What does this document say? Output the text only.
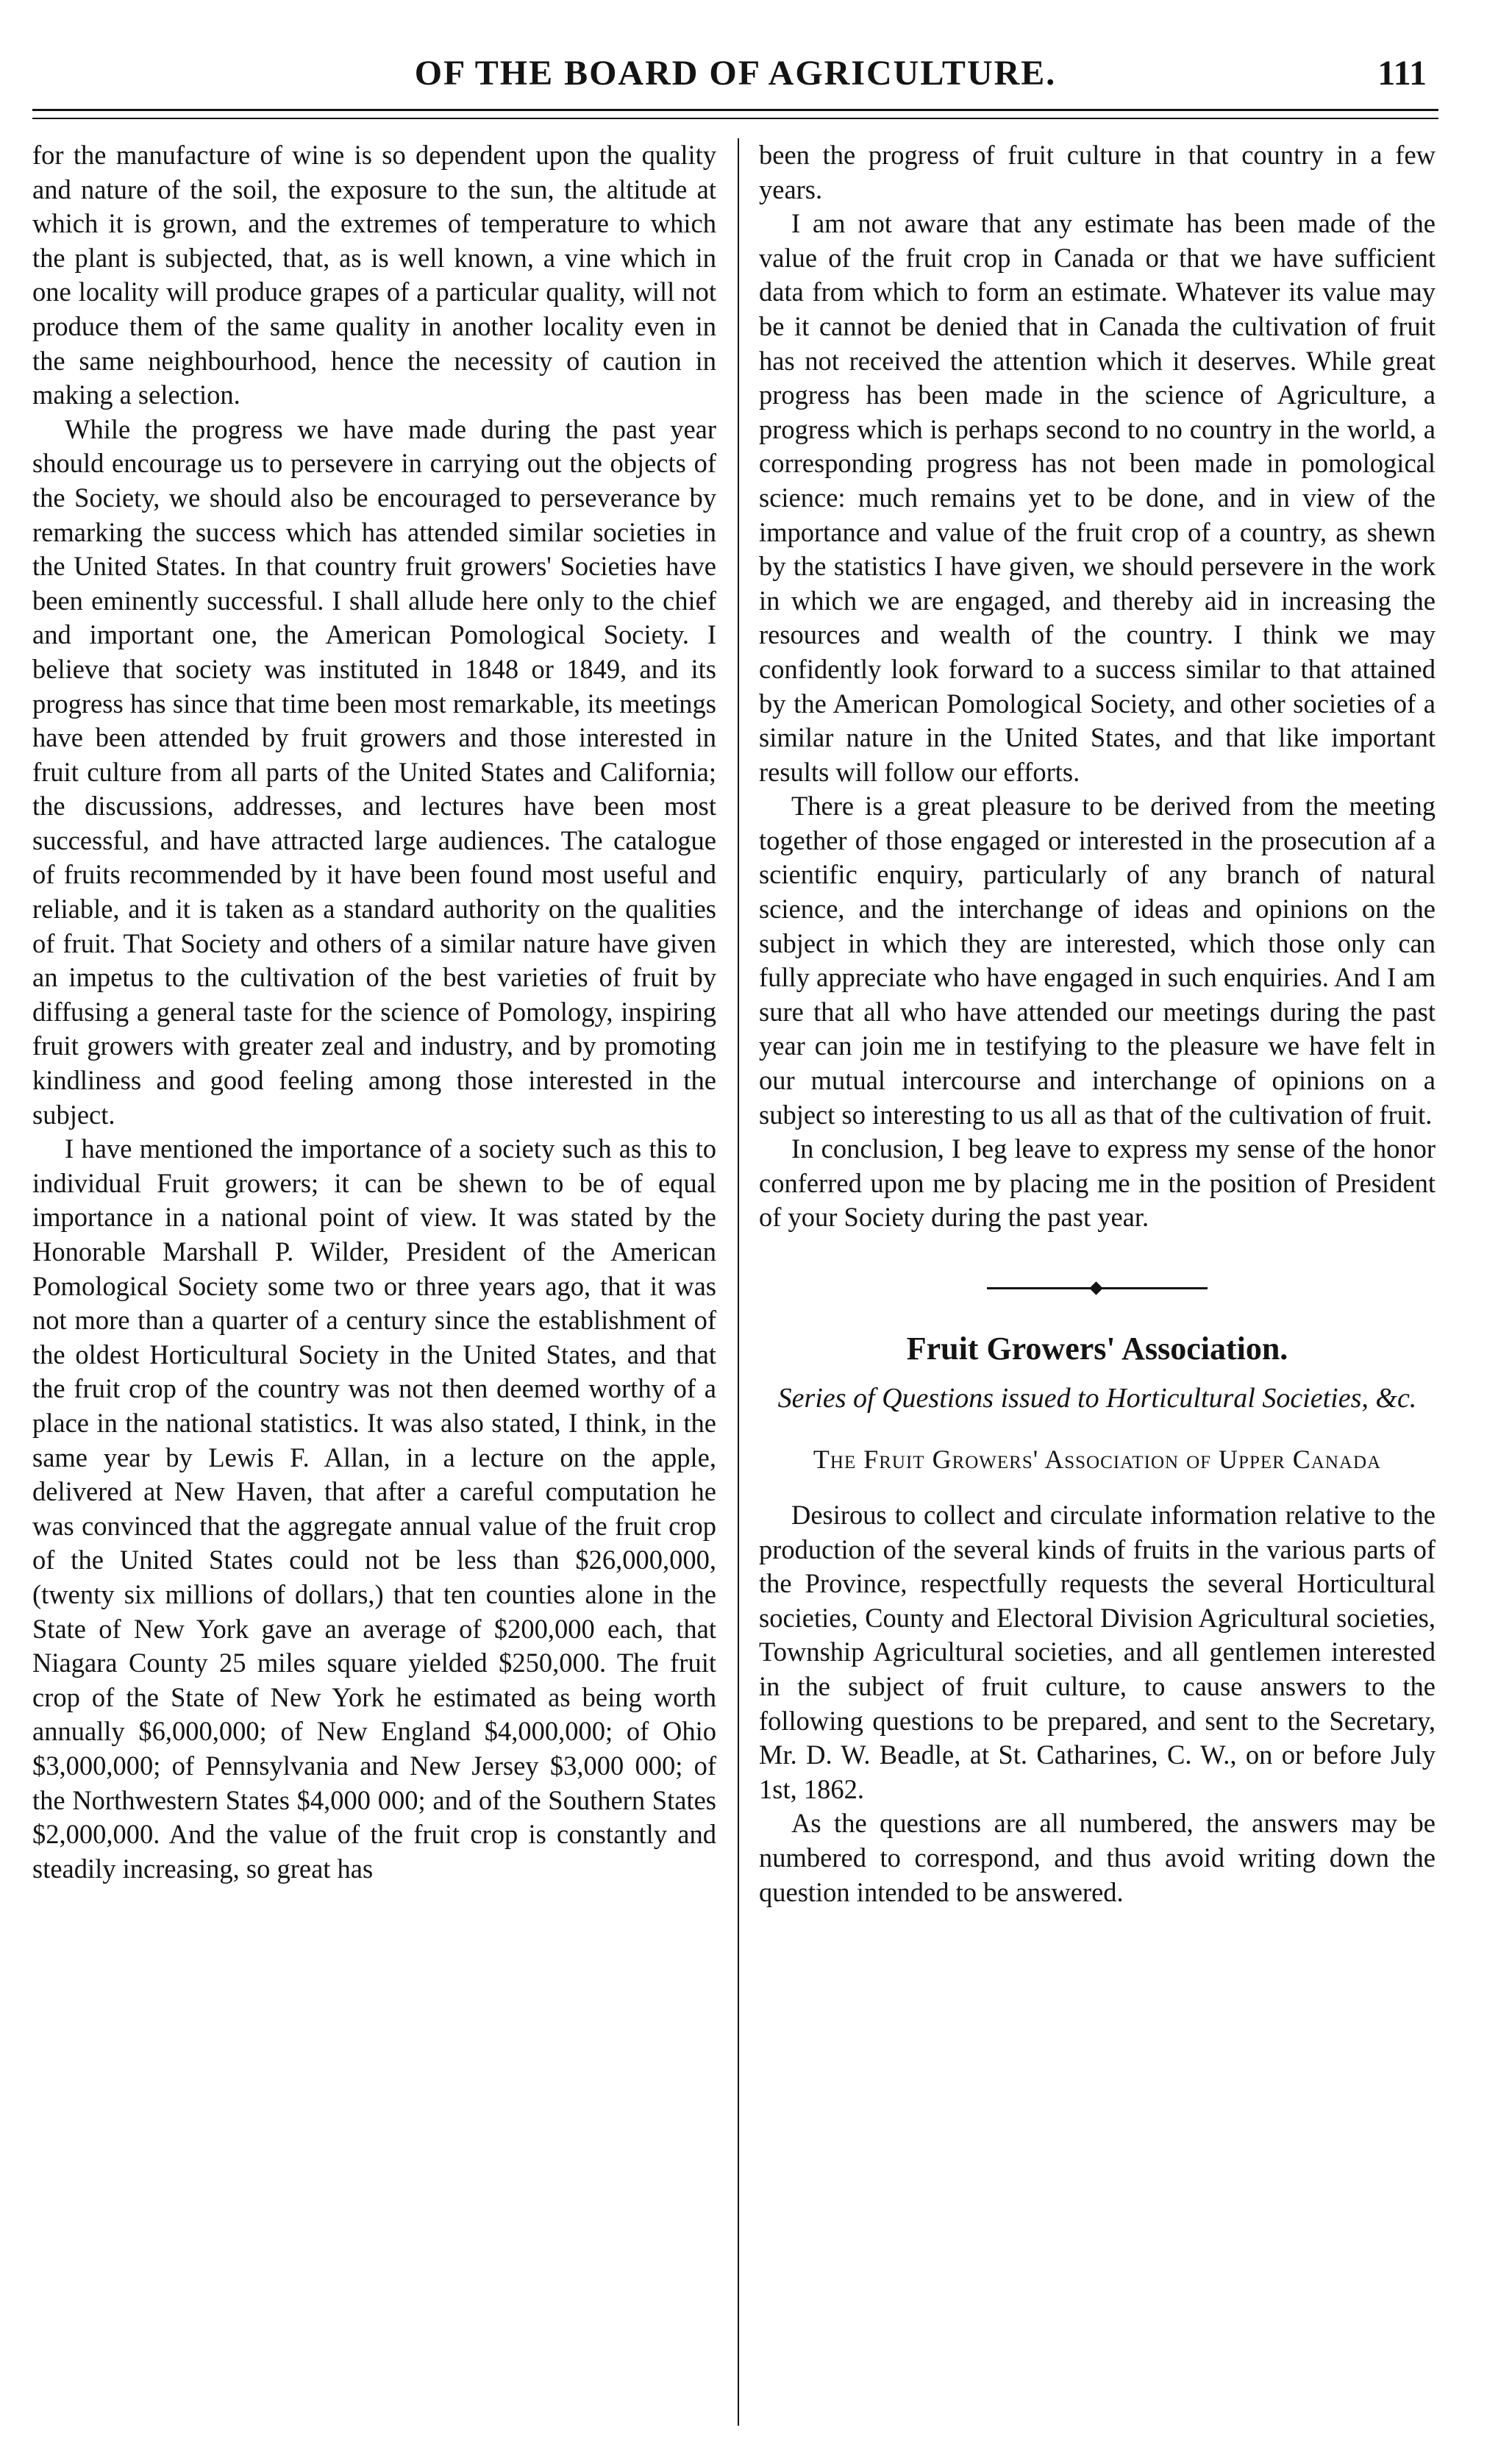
OF THE BOARD OF AGRICULTURE.	111

for the manufacture of wine is so dependent upon the quality and nature of the soil, the exposure to the sun, the altitude at which it is grown, and the extremes of temperature to which the plant is subjected, that, as is well known, a vine which in one locality will produce grapes of a particular quality, will not produce them of the same quality in another locality even in the same neighbourhood, hence the necessity of caution in making a selection.

While the progress we have made during the past year should encourage us to persevere in carrying out the objects of the Society, we should also be encouraged to perseverance by remarking the success which has attended similar societies in the United States. In that country fruit growers' Societies have been eminently successful. I shall allude here only to the chief and important one, the American Pomological Society. I believe that society was instituted in 1848 or 1849, and its progress has since that time been most remarkable, its meetings have been attended by fruit growers and those interested in fruit culture from all parts of the United States and California; the discussions, addresses, and lectures have been most successful, and have attracted large audiences. The catalogue of fruits recommended by it have been found most useful and reliable, and it is taken as a standard authority on the qualities of fruit. That Society and others of a similar nature have given an impetus to the cultivation of the best varieties of fruit by diffusing a general taste for the science of Pomology, inspiring fruit growers with greater zeal and industry, and by promoting kindliness and good feeling among those interested in the subject.

I have mentioned the importance of a society such as this to individual Fruit growers; it can be shewn to be of equal importance in a national point of view. It was stated by the Honorable Marshall P. Wilder, President of the American Pomological Society some two or three years ago, that it was not more than a quarter of a century since the establishment of the oldest Horticultural Society in the United States, and that the fruit crop of the country was not then deemed worthy of a place in the national statistics. It was also stated, I think, in the same year by Lewis F. Allan, in a lecture on the apple, delivered at New Haven, that after a careful computation he was convinced that the aggregate annual value of the fruit crop of the United States could not be less than $26,000,000, (twenty six millions of dollars,) that ten counties alone in the State of New York gave an average of $200,000 each, that Niagara County 25 miles square yielded $250,000. The fruit crop of the State of New York he estimated as being worth annually $6,000,000; of New England $4,000,000; of Ohio $3,000,000; of Pennsylvania and New Jersey $3,000 000; of the Northwestern States $4,000 000; and of the Southern States $2,000,000. And the value of the fruit crop is constantly and steadily increasing, so great has

been the progress of fruit culture in that country in a few years.

I am not aware that any estimate has been made of the value of the fruit crop in Canada or that we have sufficient data from which to form an estimate. Whatever its value may be it cannot be denied that in Canada the cultivation of fruit has not received the attention which it deserves. While great progress has been made in the science of Agriculture, a progress which is perhaps second to no country in the world, a corresponding progress has not been made in pomological science: much remains yet to be done, and in view of the importance and value of the fruit crop of a country, as shewn by the statistics I have given, we should persevere in the work in which we are engaged, and thereby aid in increasing the resources and wealth of the country. I think we may confidently look forward to a success similar to that attained by the American Pomological Society, and other societies of a similar nature in the United States, and that like important results will follow our efforts.

There is a great pleasure to be derived from the meeting together of those engaged or interested in the prosecution af a scientific enquiry, particularly of any branch of natural science, and the interchange of ideas and opinions on the subject in which they are interested, which those only can fully appreciate who have engaged in such enquiries. And I am sure that all who have attended our meetings during the past year can join me in testifying to the pleasure we have felt in our mutual intercourse and interchange of opinions on a subject so interesting to us all as that of the cultivation of fruit.

In conclusion, I beg leave to express my sense of the honor conferred upon me by placing me in the position of President of your Society during the past year.

Fruit Growers' Association.
Series of Questions issued to Horticultural Societies, &c.
The Fruit Growers' Association of Upper Canada

Desirous to collect and circulate information relative to the production of the several kinds of fruits in the various parts of the Province, respectfully requests the several Horticultural societies, County and Electoral Division Agricultural societies, Township Agricultural societies, and all gentlemen interested in the subject of fruit culture, to cause answers to the following questions to be prepared, and sent to the Secretary, Mr. D. W. Beadle, at St. Catharines, C. W., on or before July 1st, 1862.

As the questions are all numbered, the answers may be numbered to correspond, and thus avoid writing down the question intended to be answered.
